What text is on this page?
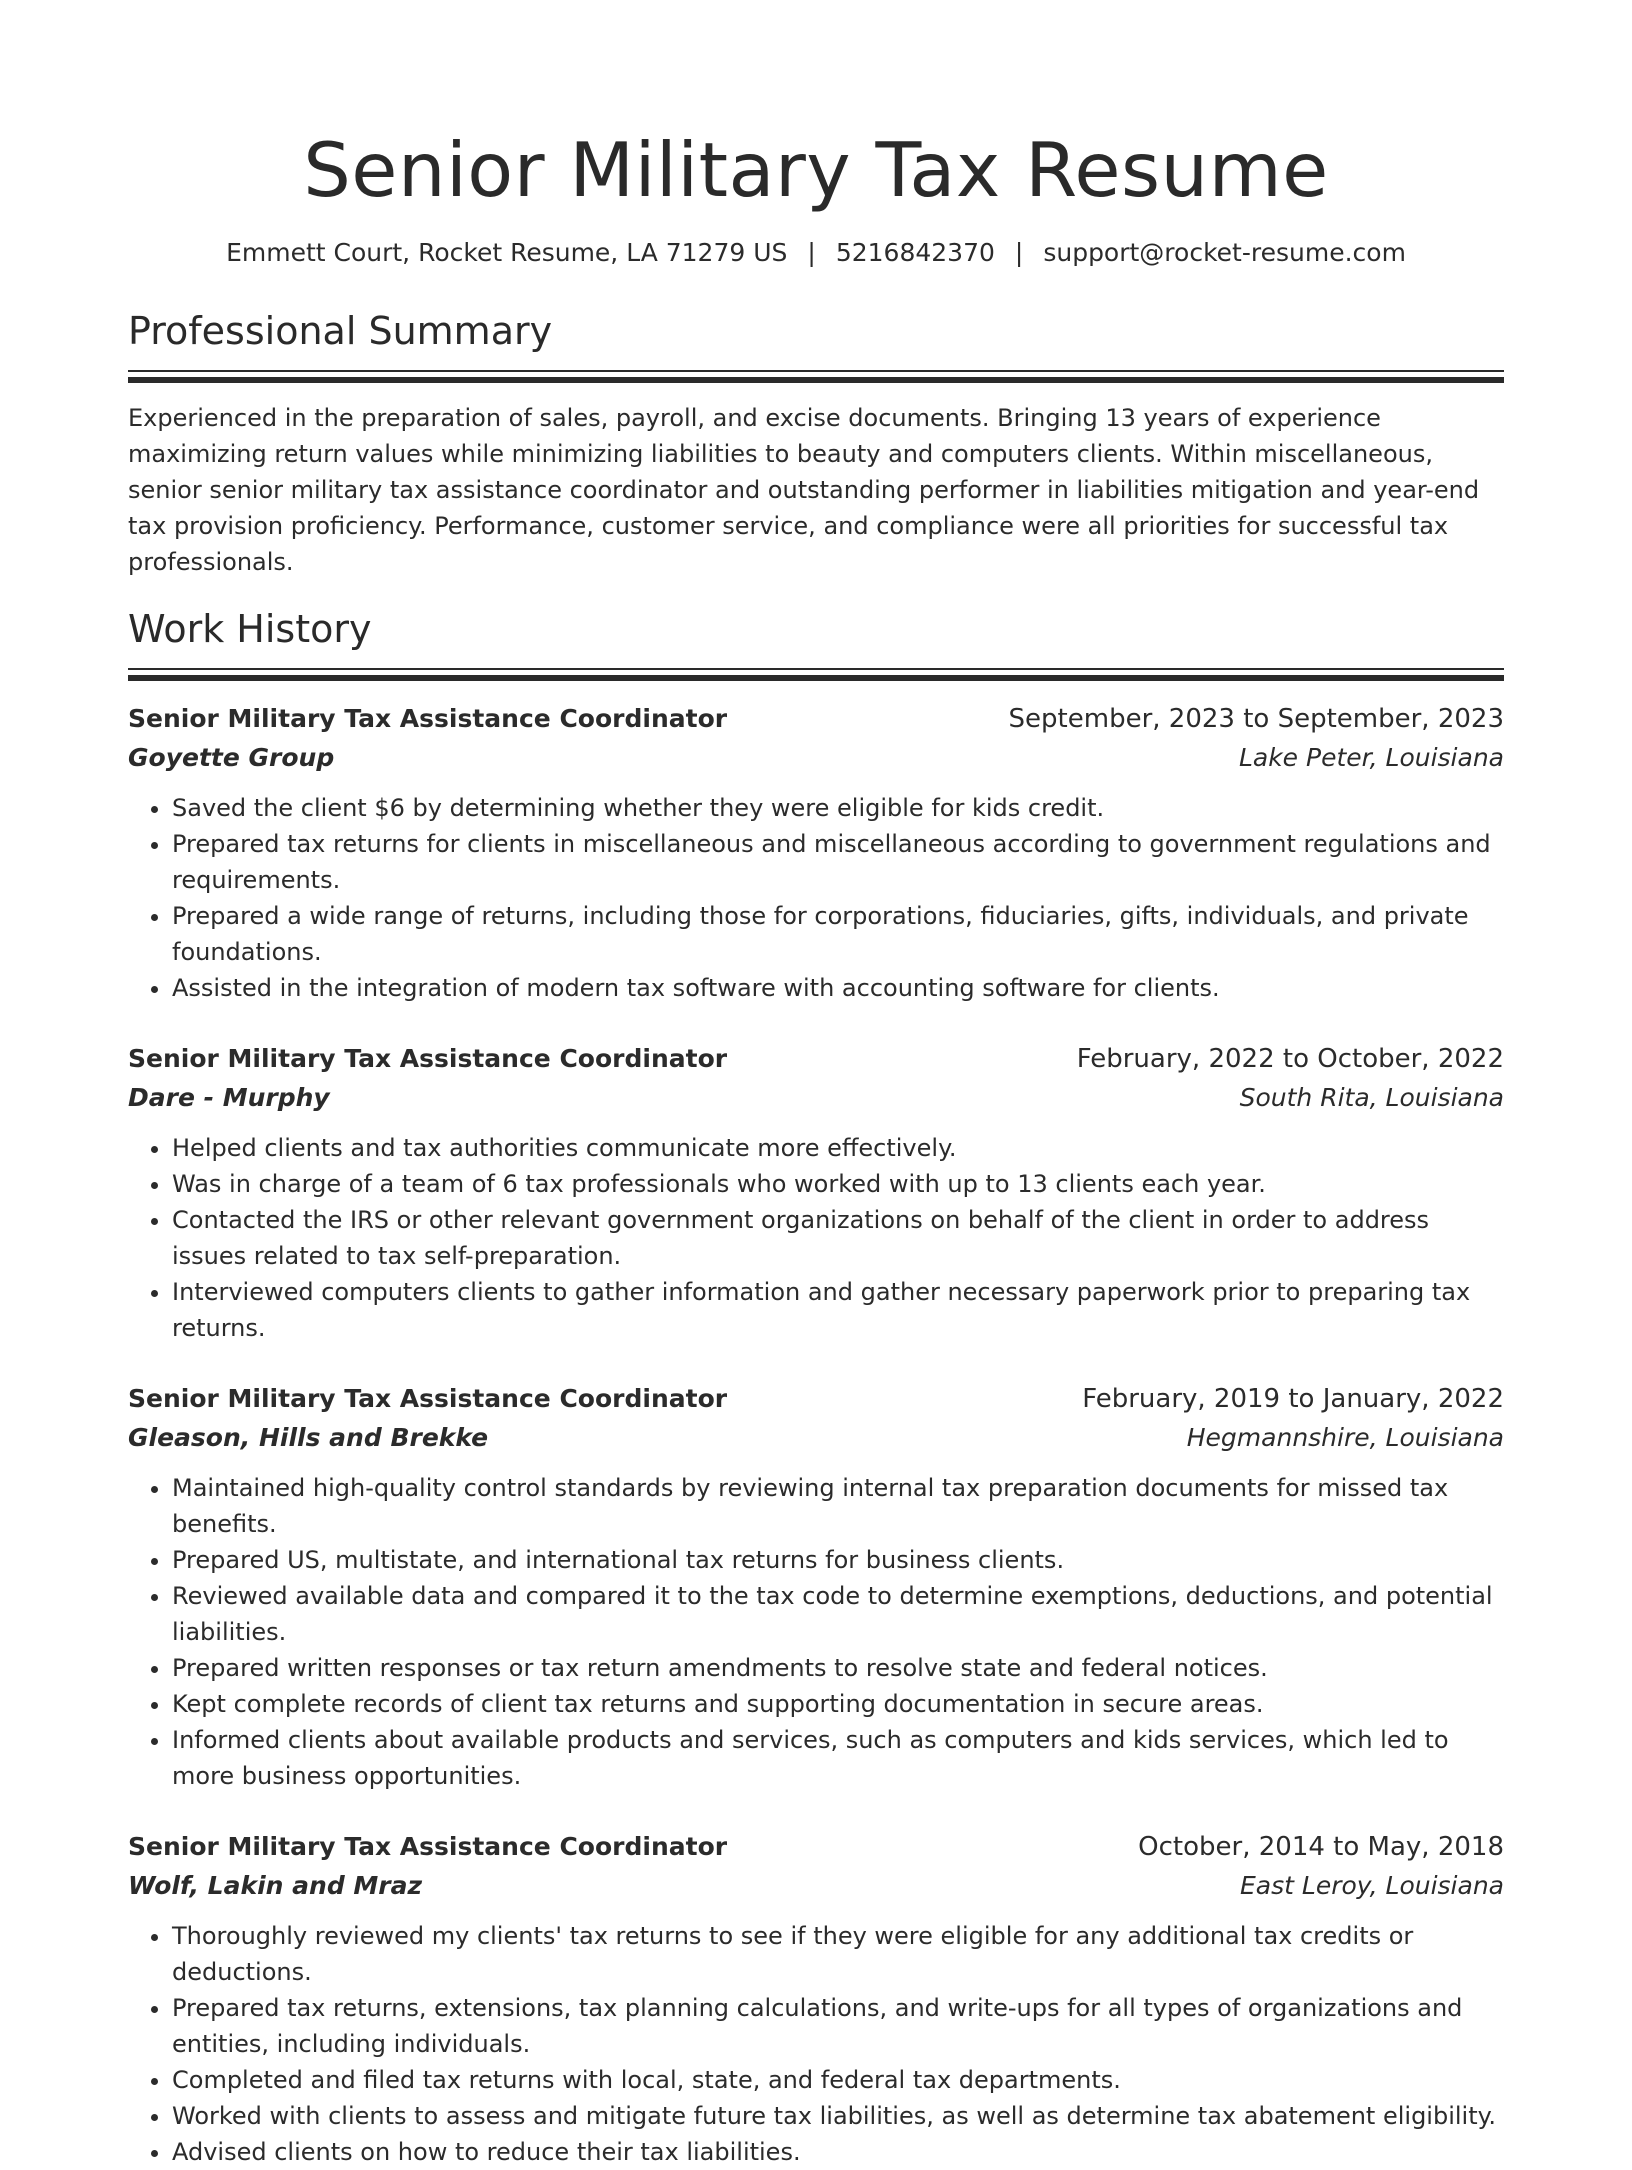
Senior Military Tax Resume
Emmett Court, Rocket Resume, LA 71279 US | 5216842370 | support@rocket-resume.com
Professional Summary

Experienced in the preparation of sales, payroll, and excise documents. Bringing 13 years of experience maximizing return values while minimizing liabilities to beauty and computers clients. Within miscellaneous, senior senior military tax assistance coordinator and outstanding performer in liabilities mitigation and year-end tax provision proficiency. Performance, customer service, and compliance were all priorities for successful tax professionals.

Work History
Senior Military Tax Assistance Coordinator	September, 2023 to September, 2023
Goyette Group	Lake Peter, Louisiana
• Saved the client $6 by determining whether they were eligible for kids credit.
• Prepared tax returns for clients in miscellaneous and miscellaneous according to government regulations and requirements.
• Prepared a wide range of returns, including those for corporations, fiduciaries, gifts, individuals, and private foundations.
• Assisted in the integration of modern tax software with accounting software for clients.
Senior Military Tax Assistance Coordinator	February, 2022 to October, 2022
Dare - Murphy	South Rita, Louisiana
• Helped clients and tax authorities communicate more effectively.
• Was in charge of a team of 6 tax professionals who worked with up to 13 clients each year.
• Contacted the IRS or other relevant government organizations on behalf of the client in order to address issues related to tax self-preparation.
• Interviewed computers clients to gather information and gather necessary paperwork prior to preparing tax returns.
Senior Military Tax Assistance Coordinator	February, 2019 to January, 2022
Gleason, Hills and Brekke	Hegmannshire, Louisiana
• Maintained high-quality control standards by reviewing internal tax preparation documents for missed tax benefits.
• Prepared US, multistate, and international tax returns for business clients.
• Reviewed available data and compared it to the tax code to determine exemptions, deductions, and potential liabilities.
• Prepared written responses or tax return amendments to resolve state and federal notices.
• Kept complete records of client tax returns and supporting documentation in secure areas.
• Informed clients about available products and services, such as computers and kids services, which led to more business opportunities.
Senior Military Tax Assistance Coordinator	October, 2014 to May, 2018
Wolf, Lakin and Mraz	East Leroy, Louisiana
• Thoroughly reviewed my clients' tax returns to see if they were eligible for any additional tax credits or deductions.
• Prepared tax returns, extensions, tax planning calculations, and write-ups for all types of organizations and entities, including individuals.
• Completed and filed tax returns with local, state, and federal tax departments.
• Worked with clients to assess and mitigate future tax liabilities, as well as determine tax abatement eligibility.
• Advised clients on how to reduce their tax liabilities.
